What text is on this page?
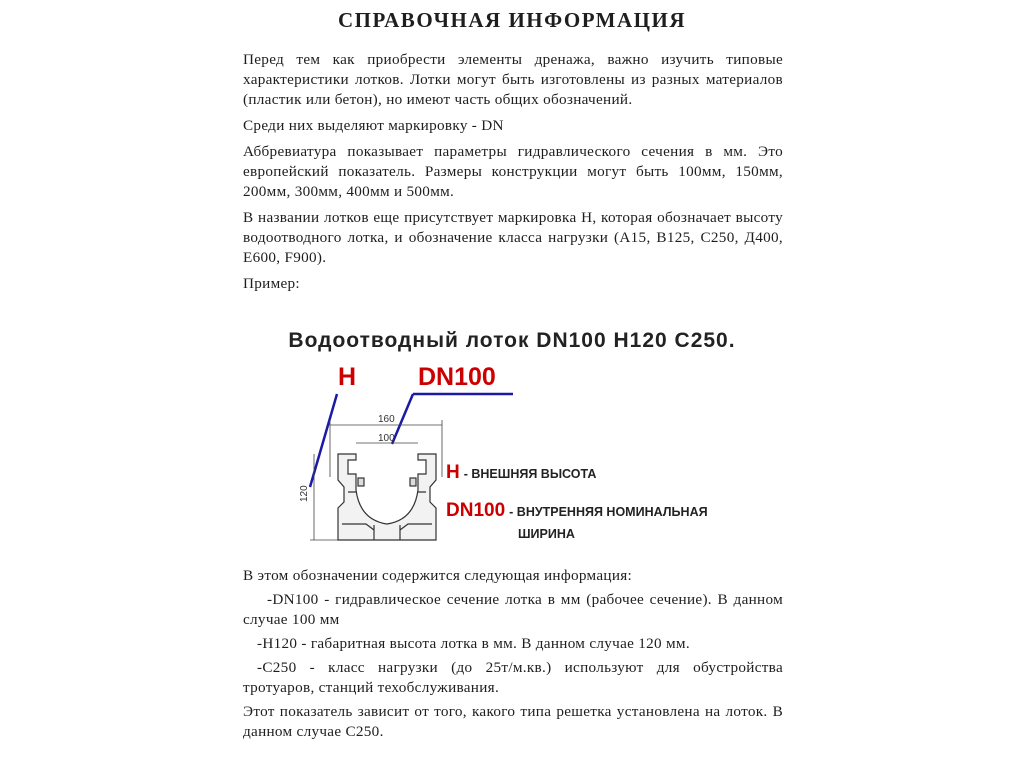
СПРАВОЧНАЯ ИНФОРМАЦИЯ

Перед тем как приобрести элементы дренажа, важно изучить типовые характеристики лотков. Лотки могут быть изготовлены из разных материалов (пластик или бетон), но имеют часть общих обозначений.

Среди них выделяют маркировку - DN

Аббревиатура показывает параметры гидравлического сечения в мм. Это европейский показатель. Размеры конструкции могут быть 100мм, 150мм, 200мм, 300мм, 400мм и 500мм.

В названии лотков еще присутствует маркировка Н, которая обозначает высоту водоотводного лотка, и обозначение класса нагрузки (А15, В125, С250, Д400, Е600, F900).

Пример:

Водоотводный лоток DN100 H120 C250.
160
100
120
H DN100
H - ВНЕШНЯЯ ВЫСОТА
DN100 - ВНУТРЕННЯЯ НОМИНАЛЬНАЯ
ШИРИНА

В этом обозначении содержится следующая информация:

-DN100 - гидравлическое сечение лотка в мм (рабочее сечение). В данном случае 100 мм

-Н120 - габаритная высота лотка в мм. В данном случае 120 мм.

-С250 - класс нагрузки (до 25т/м.кв.) используют для обустройства тротуаров, станций техобслуживания.

Этот показатель зависит от того, какого типа решетка установлена на лоток. В данном случае С250.
